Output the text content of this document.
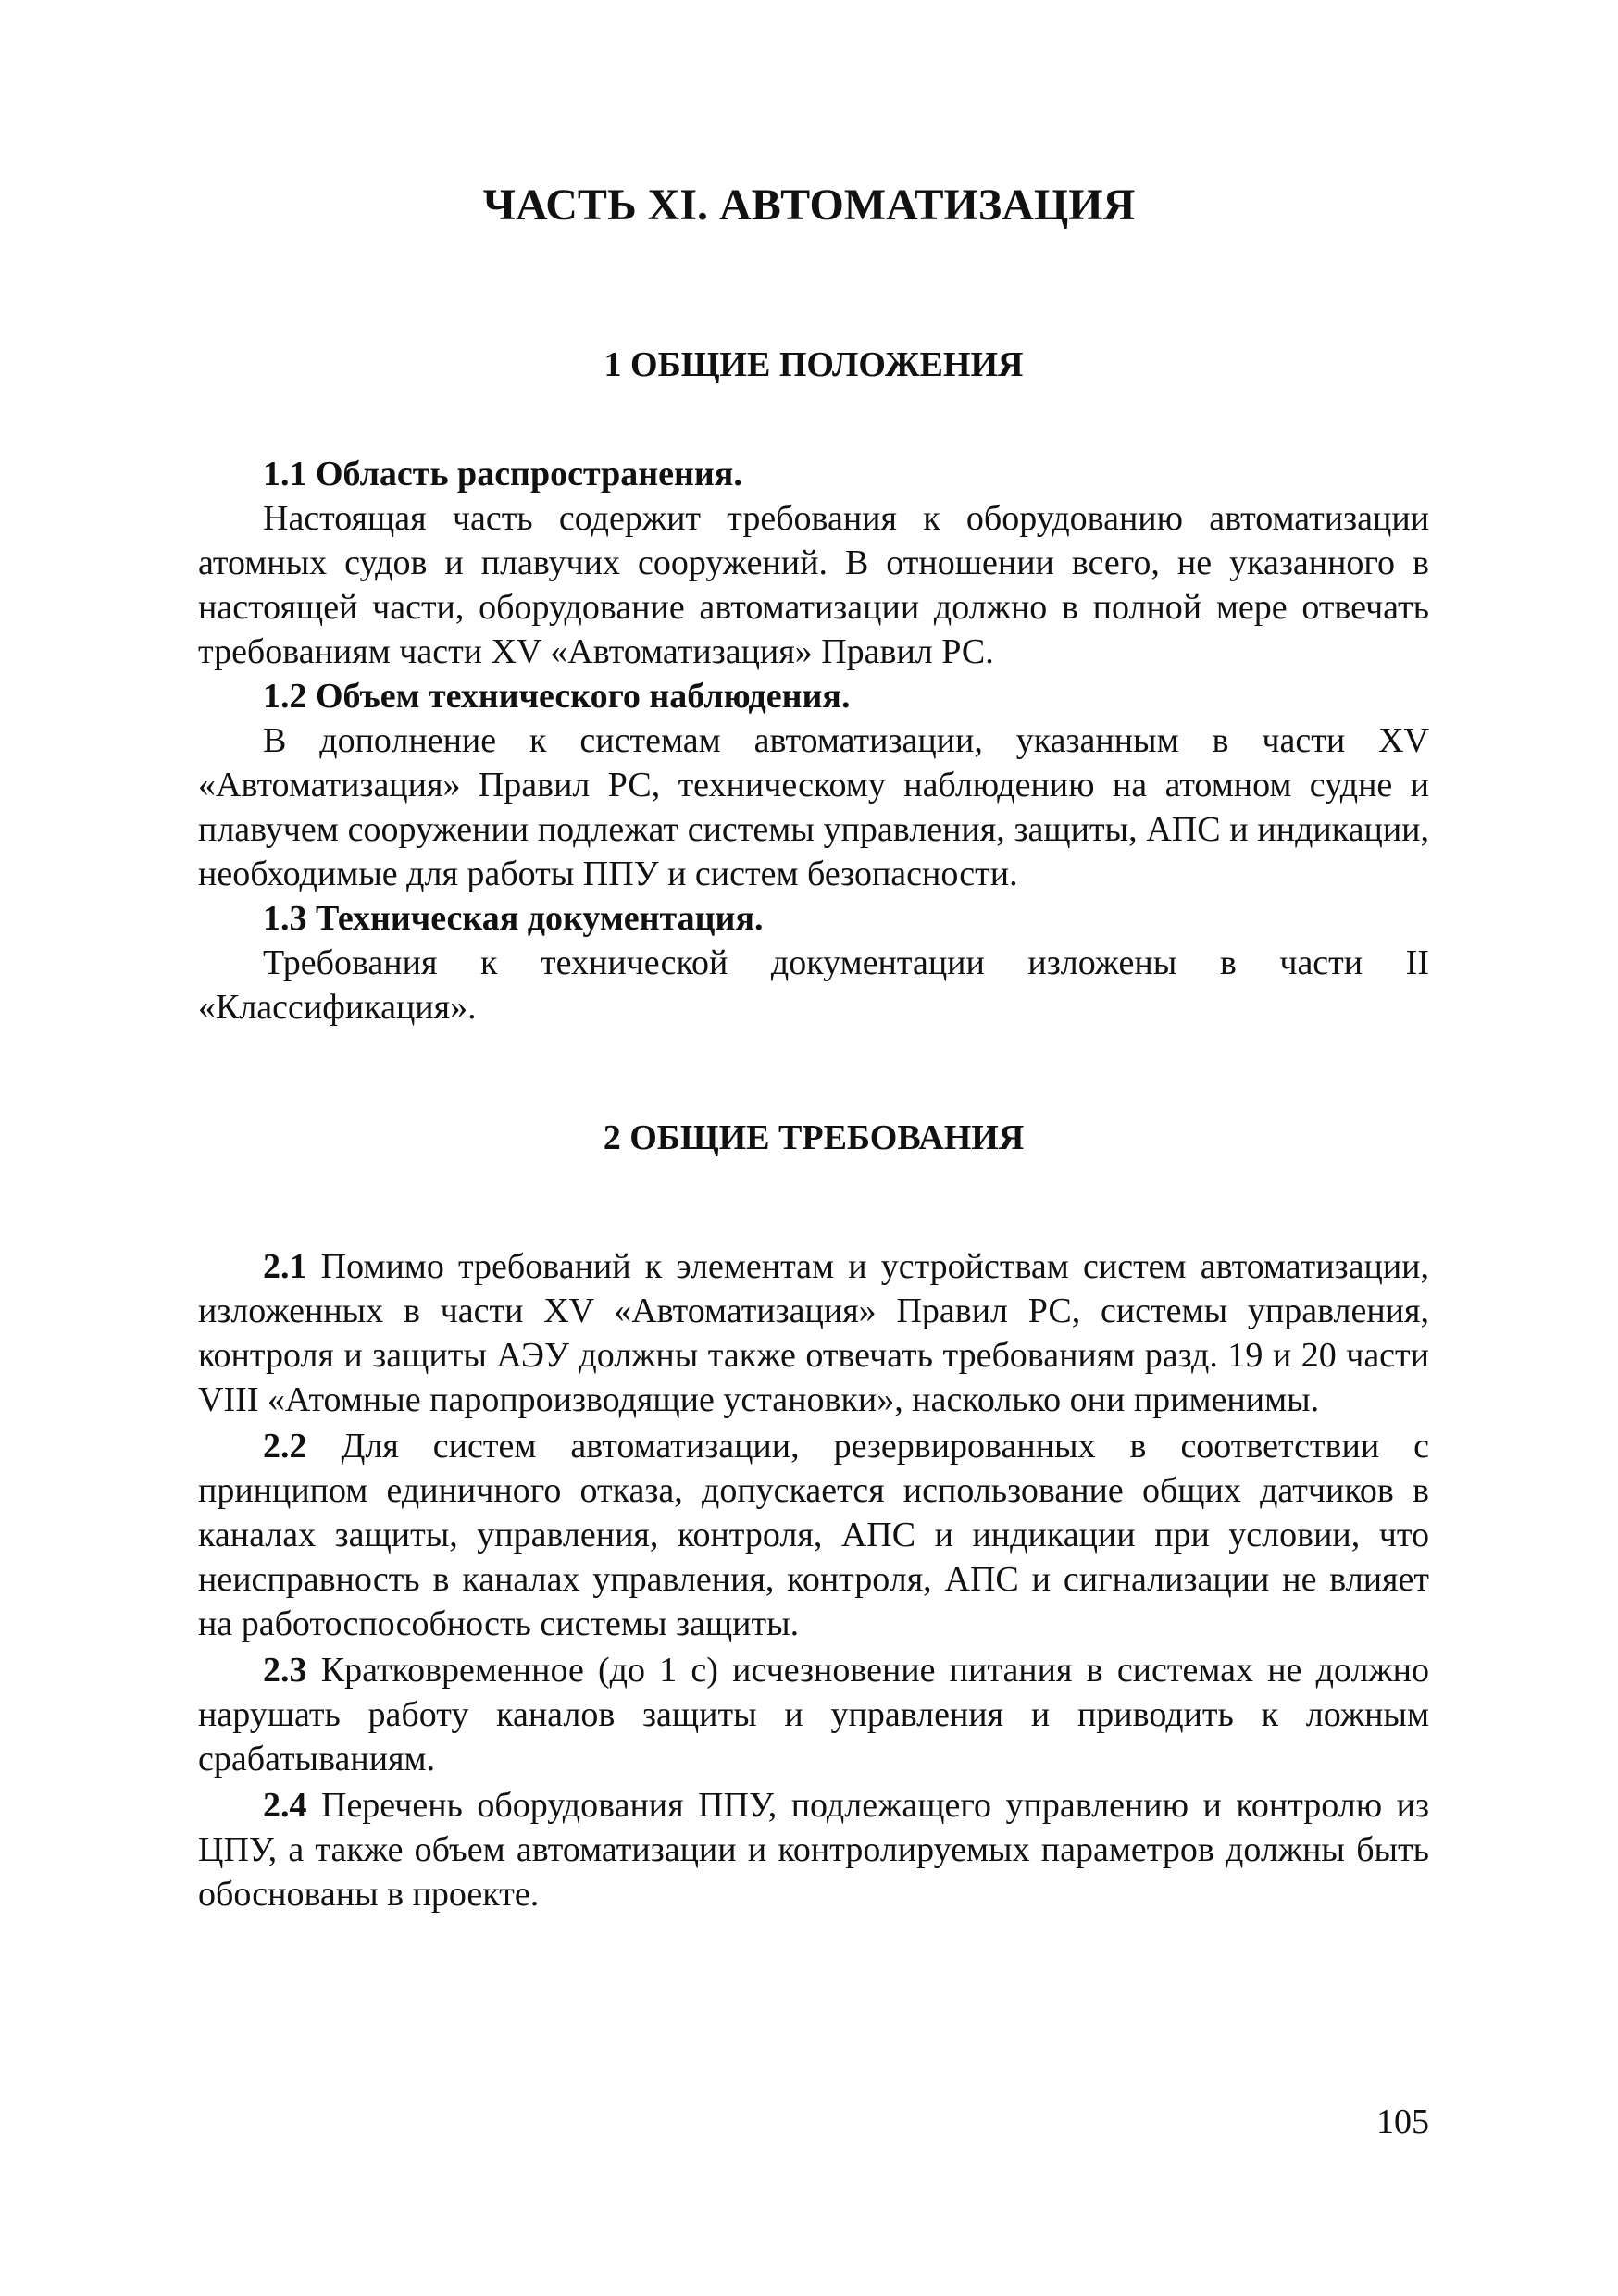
ЧАСТЬ XI. АВТОМАТИЗАЦИЯ
1 ОБЩИЕ ПОЛОЖЕНИЯ

1.1 Область распространения.

Настоящая часть содержит требования к оборудованию автоматизации атомных судов и плавучих сооружений. В отношении всего, не указанного в настоящей части, оборудование автоматизации должно в полной мере отвечать требованиям части XV «Автоматизация» Правил РС.

1.2 Объем технического наблюдения.

В дополнение к системам автоматизации, указанным в части XV «Автоматизация» Правил РС, техническому наблюдению на атомном судне и плавучем сооружении подлежат системы управления, защиты, АПС и индикации, необходимые для работы ППУ и систем безопасности.

1.3 Техническая документация.

Требования к технической документации изложены в части II «Классификация».

2 ОБЩИЕ ТРЕБОВАНИЯ

2.1 Помимо требований к элементам и устройствам систем автоматизации, изложенных в части XV «Автоматизация» Правил РС, системы управления, контроля и защиты АЭУ должны также отвечать требованиям разд. 19 и 20 части VIII «Атомные паропроизводящие установки», насколько они применимы.

2.2 Для систем автоматизации, резервированных в соответствии с принципом единичного отказа, допускается использование общих датчиков в каналах защиты, управления, контроля, АПС и индикации при условии, что неисправность в каналах управления, контроля, АПС и сигнализации не влияет на работоспособность системы защиты.

2.3 Кратковременное (до 1 с) исчезновение питания в системах не должно нарушать работу каналов защиты и управления и приводить к ложным срабатываниям.

2.4 Перечень оборудования ППУ, подлежащего управлению и контролю из ЦПУ, а также объем автоматизации и контролируемых параметров должны быть обоснованы в проекте.

105
